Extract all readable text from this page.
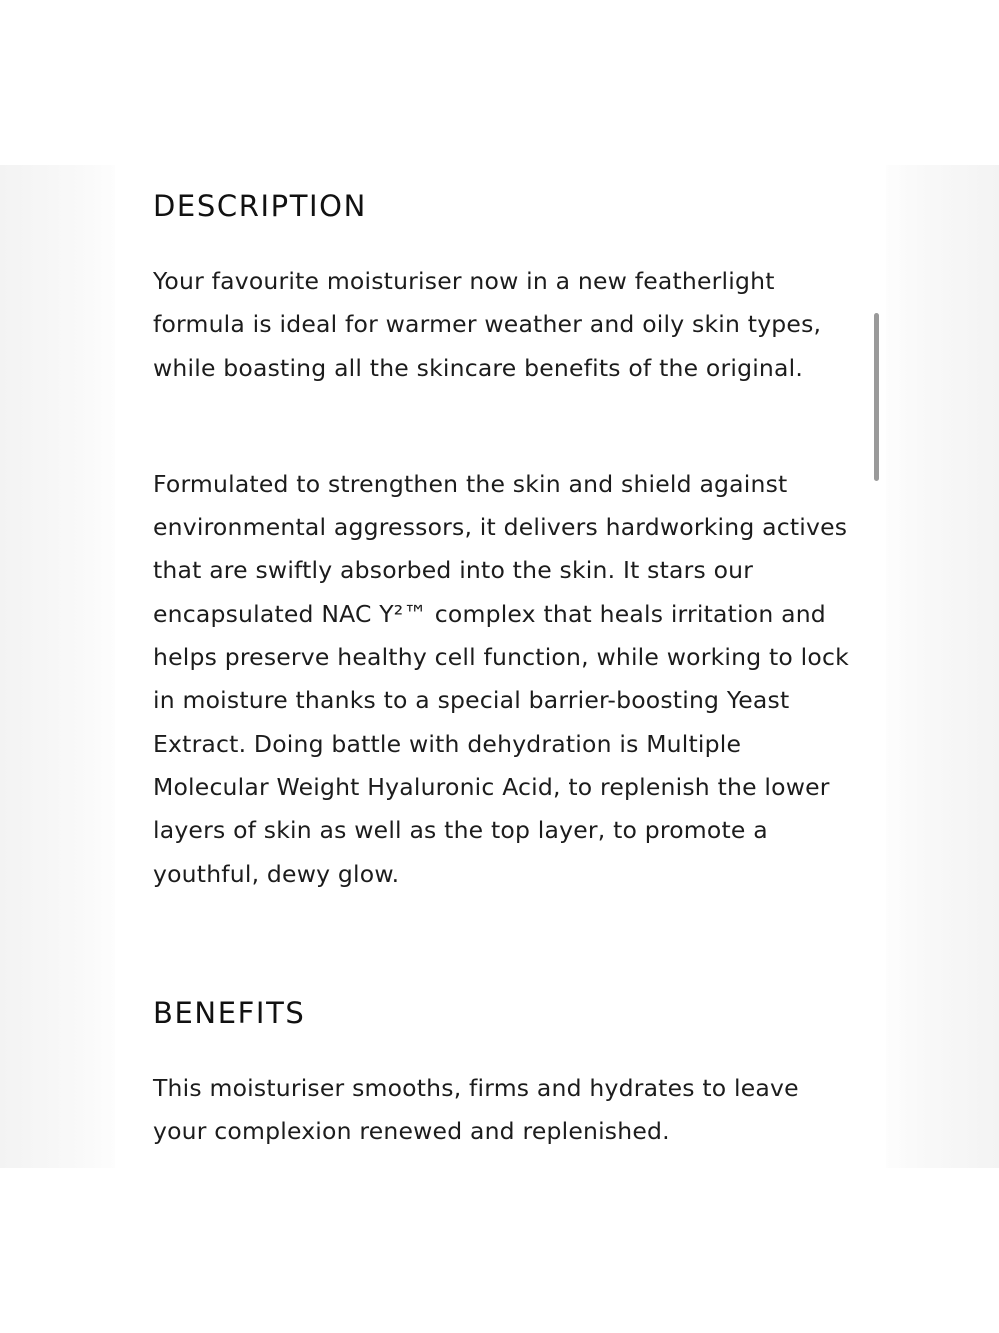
DESCRIPTION

Your favourite moisturiser now in a new featherlight formula is ideal for warmer weather and oily skin types, while boasting all the skincare benefits of the original.

Formulated to strengthen the skin and shield against environmental aggressors, it delivers hardworking actives that are swiftly absorbed into the skin. It stars our encapsulated NAC Y²™ complex that heals irritation and helps preserve healthy cell function, while working to lock in moisture thanks to a special barrier-boosting Yeast Extract. Doing battle with dehydration is Multiple Molecular Weight Hyaluronic Acid, to replenish the lower layers of skin as well as the top layer, to promote a youthful, dewy glow.

BENEFITS

This moisturiser smooths, firms and hydrates to leave your complexion renewed and replenished.
